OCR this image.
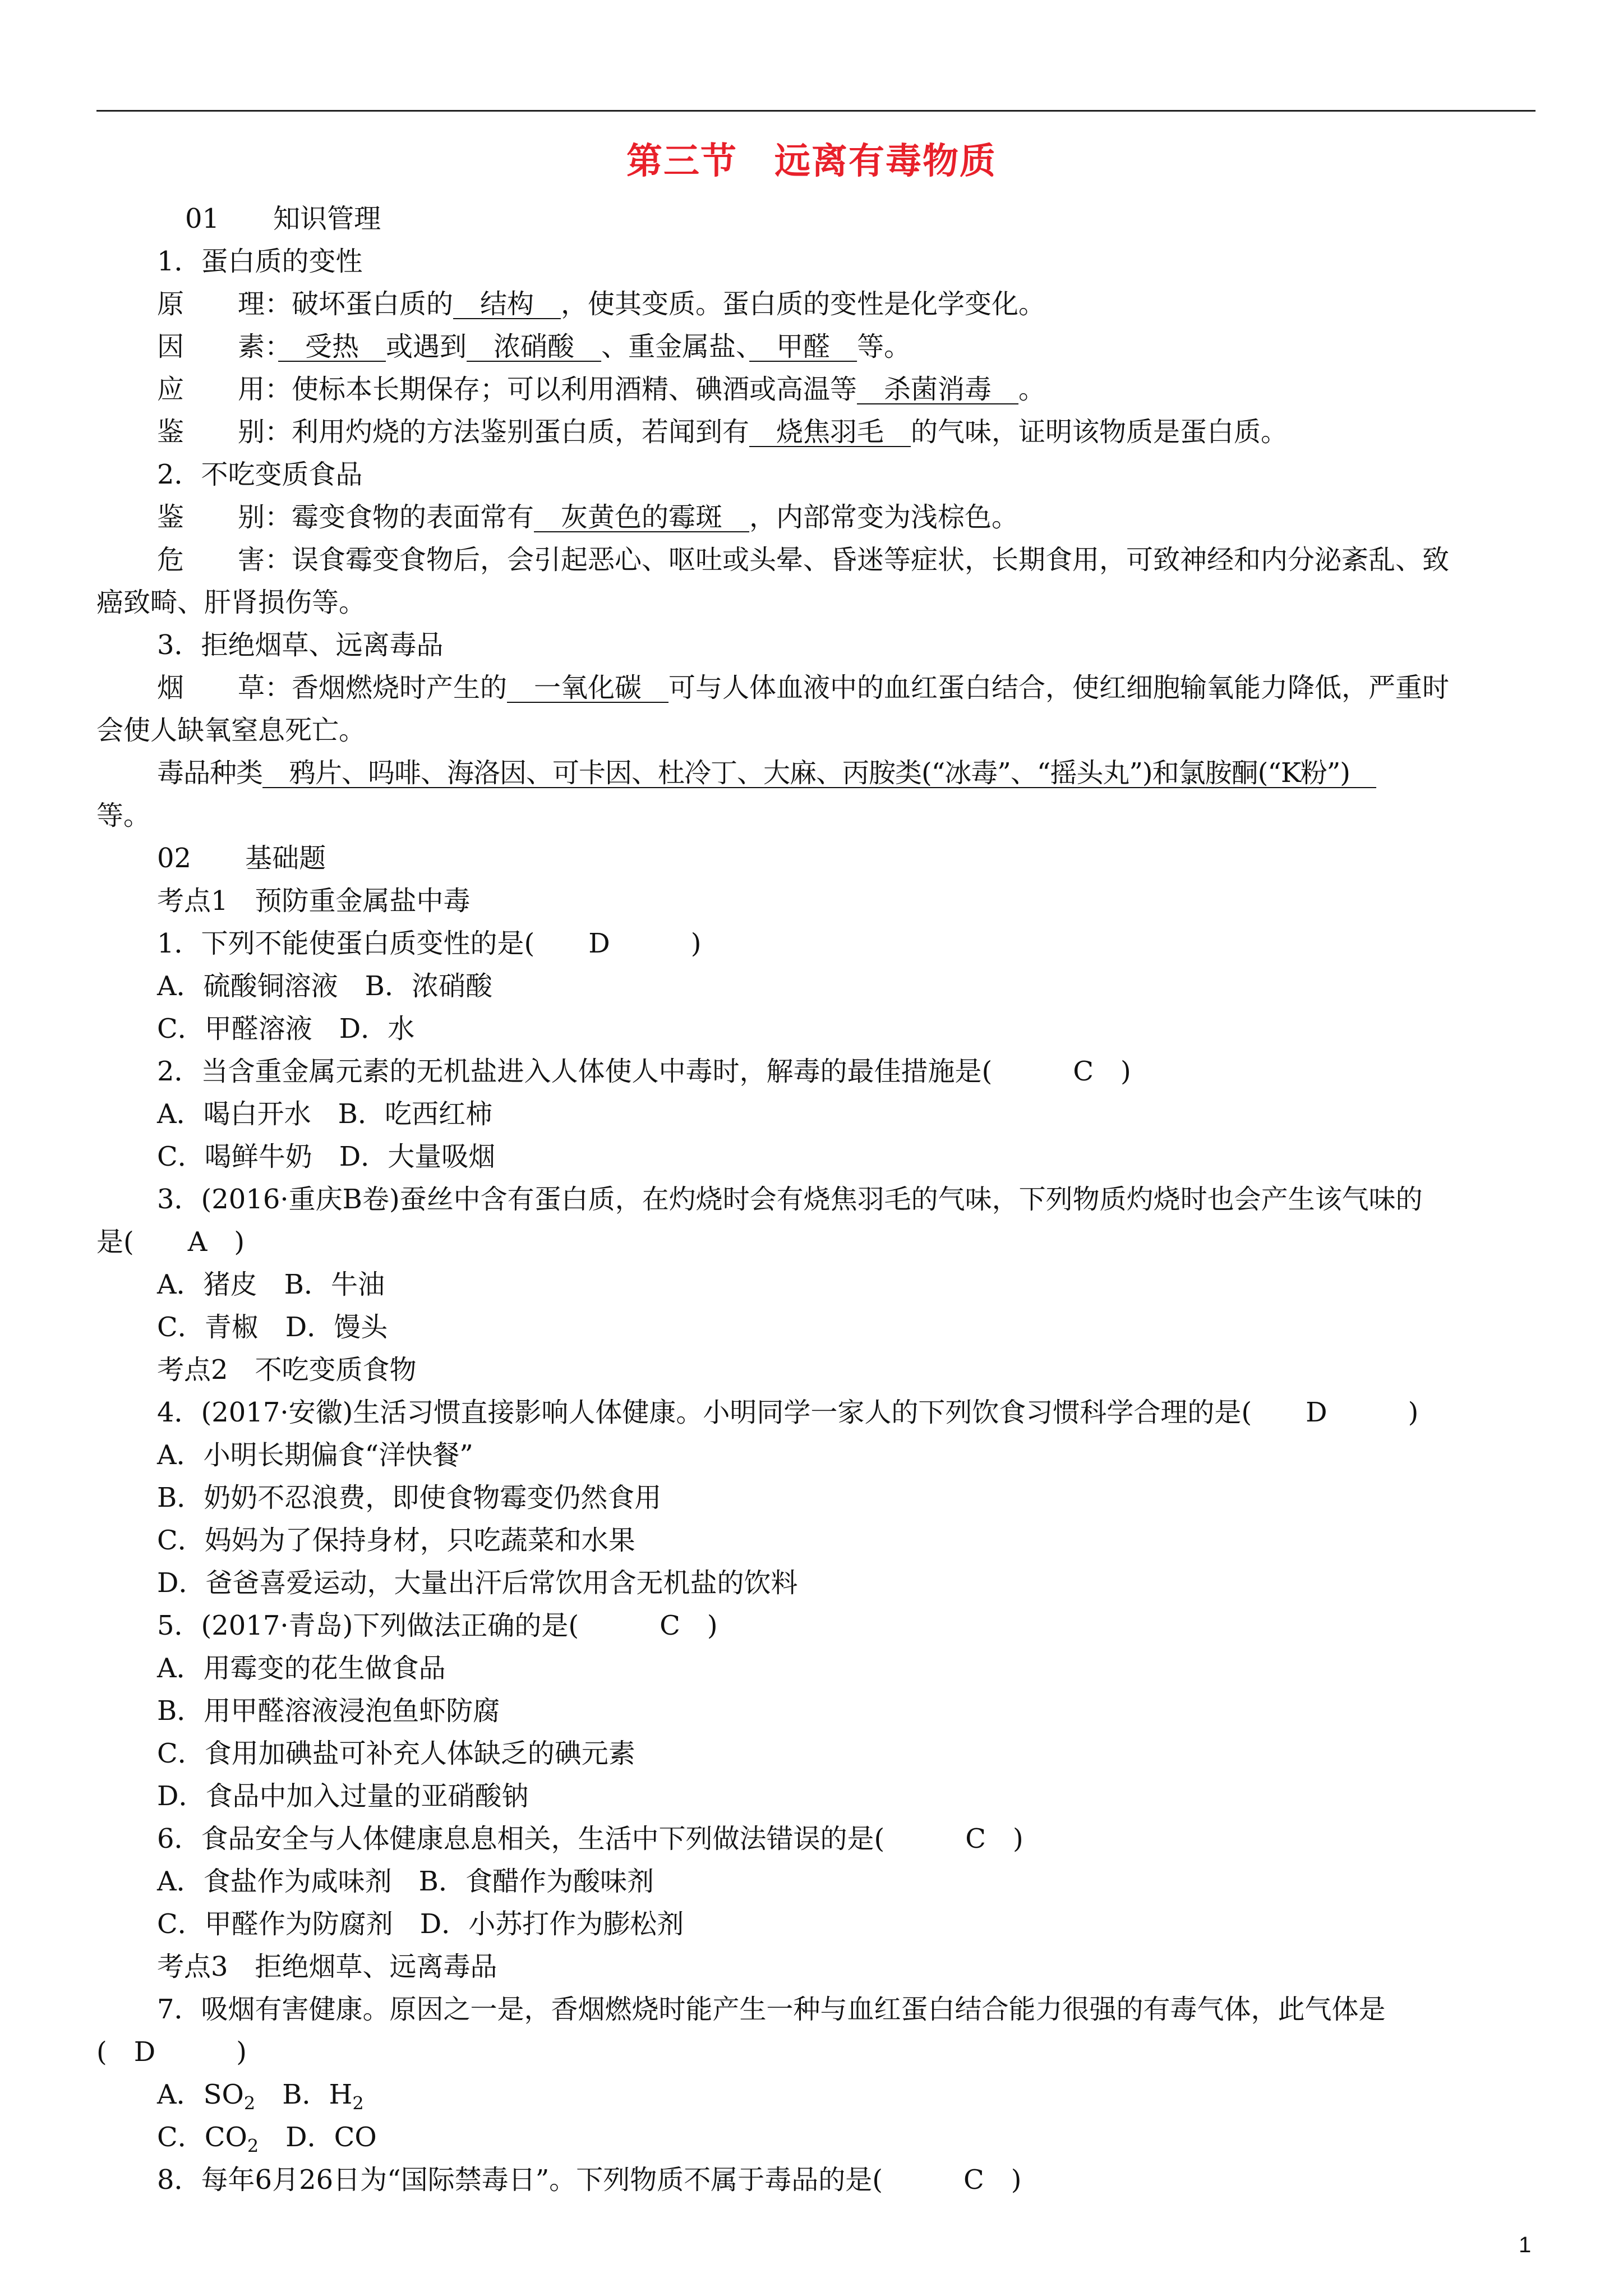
第三节　远离有毒物质
01　　 知识管理
1．蛋白质的变性
原　　理：破坏蛋白质的　结构　，使其变质。蛋白质的变性是化学变化。
因　　素：　受热　或遇到　浓硝酸　、重金属盐、　甲醛　等。
应　　用：使标本长期保存；可以利用酒精、碘酒或高温等　杀菌消毒　。
鉴　　别：利用灼烧的方法鉴别蛋白质，若闻到有　烧焦羽毛　的气味，证明该物质是蛋白质。
2．不吃变质食品
鉴　　别：霉变食物的表面常有　灰黄色的霉斑　，内部常变为浅棕色。
危　　害：误食霉变食物后，会引起恶心、呕吐或头晕、昏迷等症状，长期食用，可致神经和内分泌紊乱、致
癌致畸、肝肾损伤等。
3．拒绝烟草、远离毒品
烟　　草：香烟燃烧时产生的　一氧化碳　可与人体血液中的血红蛋白结合，使红细胞输氧能力降低，严重时
会使人缺氧窒息死亡。
毒品种类　鸦片、吗啡、海洛因、可卡因、杜冷丁、大麻、丙胺类(“冰毒”、“摇头丸”)和氯胺酮(“K粉”)　
等。
02　　 基础题
考点1　预防重金属盐中毒
1．下列不能使蛋白质变性的是(　　D　　　)
A．硫酸铜溶液　B．浓硝酸
C．甲醛溶液　D．水
2．当含重金属元素的无机盐进入人体使人中毒时，解毒的最佳措施是(　　　C　)
A．喝白开水　B．吃西红柿
C．喝鲜牛奶　D．大量吸烟
3．(2016·重庆B卷)蚕丝中含有蛋白质，在灼烧时会有烧焦羽毛的气味，下列物质灼烧时也会产生该气味的
是(　　A　)
A．猪皮　B．牛油
C．青椒　D．馒头
考点2　不吃变质食物
4．(2017·安徽)生活习惯直接影响人体健康。小明同学一家人的下列饮食习惯科学合理的是(　　D　　　)
A．小明长期偏食“洋快餐”
B．奶奶不忍浪费，即使食物霉变仍然食用
C．妈妈为了保持身材，只吃蔬菜和水果
D．爸爸喜爱运动，大量出汗后常饮用含无机盐的饮料
5．(2017·青岛)下列做法正确的是(　　　C　)
A．用霉变的花生做食品
B．用甲醛溶液浸泡鱼虾防腐
C．食用加碘盐可补充人体缺乏的碘元素
D．食品中加入过量的亚硝酸钠
6．食品安全与人体健康息息相关，生活中下列做法错误的是(　　　C　)
A．食盐作为咸味剂　B．食醋作为酸味剂
C．甲醛作为防腐剂　D．小苏打作为膨松剂
考点3　拒绝烟草、远离毒品
7．吸烟有害健康。原因之一是，香烟燃烧时能产生一种与血红蛋白结合能力很强的有毒气体，此气体是
(　D　　　)
A．$SO_2$　B．$H_2$
C．$CO_2$　D．CO
8．每年6月26日为“国际禁毒日”。下列物质不属于毒品的是(　　　C　)
1
